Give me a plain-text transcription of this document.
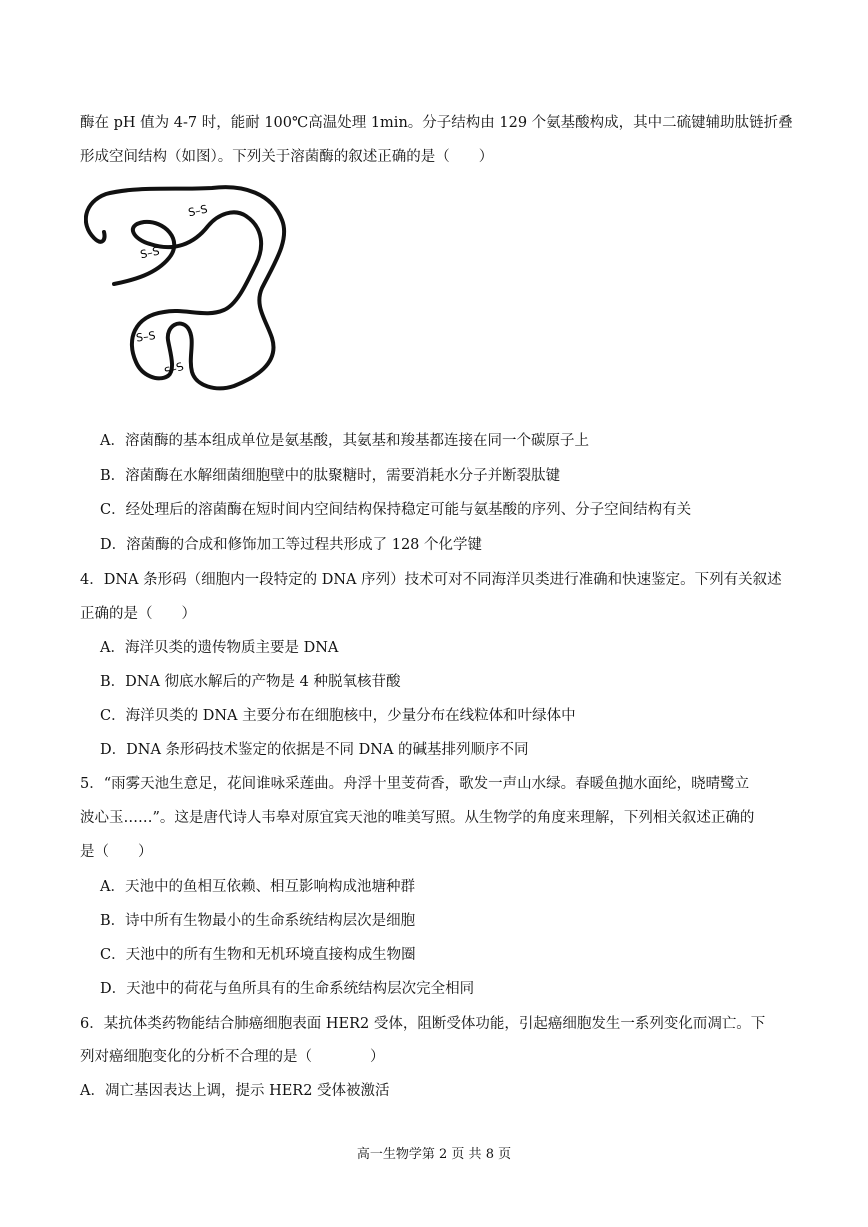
酶在 pH 值为 4-7 时，能耐 100℃高温处理 1min。分子结构由 129 个氨基酸构成，其中二硫键辅助肽链折叠
形成空间结构（如图）。下列关于溶菌酶的叙述正确的是（　　）
S–S
S–S
S–S
S–S
A．溶菌酶的基本组成单位是氨基酸，其氨基和羧基都连接在同一个碳原子上
B．溶菌酶在水解细菌细胞壁中的肽聚糖时，需要消耗水分子并断裂肽键
C．经处理后的溶菌酶在短时间内空间结构保持稳定可能与氨基酸的序列、分子空间结构有关
D．溶菌酶的合成和修饰加工等过程共形成了 128 个化学键
4．DNA 条形码（细胞内一段特定的 DNA 序列）技术可对不同海洋贝类进行准确和快速鉴定。下列有关叙述
正确的是（　　）
A．海洋贝类的遗传物质主要是 DNA
B．DNA 彻底水解后的产物是 4 种脱氧核苷酸
C．海洋贝类的 DNA 主要分布在细胞核中，少量分布在线粒体和叶绿体中
D．DNA 条形码技术鉴定的依据是不同 DNA 的碱基排列顺序不同
5．“雨雾天池生意足，花间谁咏采莲曲。舟浮十里芰荷香，歌发一声山水绿。春暖鱼抛水面纶，晓晴鹭立
波心玉……”。这是唐代诗人韦皋对原宜宾天池的唯美写照。从生物学的角度来理解，下列相关叙述正确的
是（　　）
A．天池中的鱼相互依赖、相互影响构成池塘种群
B．诗中所有生物最小的生命系统结构层次是细胞
C．天池中的所有生物和无机环境直接构成生物圈
D．天池中的荷花与鱼所具有的生命系统结构层次完全相同
6．某抗体类药物能结合肺癌细胞表面 HER2 受体，阻断受体功能，引起癌细胞发生一系列变化而凋亡。下
列对癌细胞变化的分析不合理的是（　　　　）
A．凋亡基因表达上调，提示 HER2 受体被激活
高一生物学第 2 页 共 8 页
